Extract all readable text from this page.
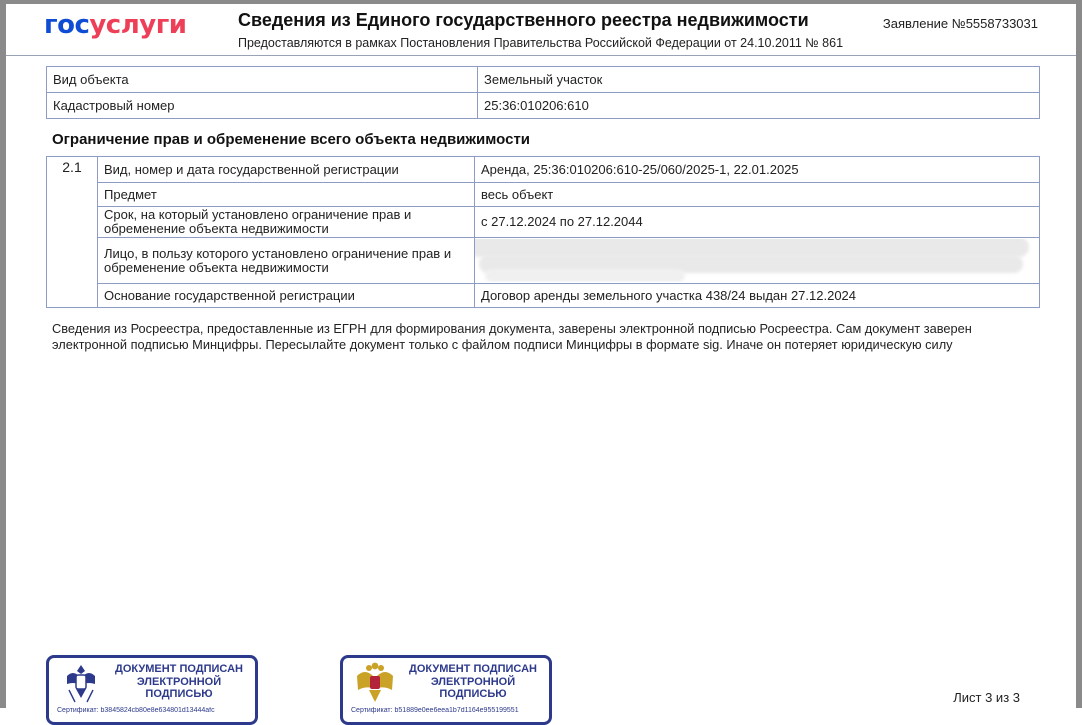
госуслуги	Сведения из Единого государственного реестра недвижимости
Предоставляются в рамках Постановления Правительства Российской Федерации от 24.10.2011 № 861
Заявление №5558733031
Вид объекта	Земельный участок
Кадастровый номер	25:36:010206:610
Ограничение прав и обременение всего объекта недвижимости
2.1	Вид, номер и дата государственной регистрации	Аренда, 25:36:010206:610-25/060/2025-1, 22.01.2025
	Предмет	весь объект
	Срок, на который установлено ограничение прав и обременение объекта недвижимости	с 27.12.2024 по 27.12.2044
	Лицо, в пользу которого установлено ограничение прав и обременение объекта недвижимости	

	Основание государственной регистрации	Договор аренды земельного участка 438/24 выдан 27.12.2024
Сведения из Росреестра, предоставленные из ЕГРН для формирования документа, заверены электронной подписью Росреестра. Сам документ заверен электронной подписью Минцифры. Пересылайте документ только с файлом подписи Минцифры в формате sig. Иначе он потеряет юридическую силу
ДОКУМЕНТ ПОДПИСАН
ЭЛЕКТРОННОЙ
ПОДПИСЬЮ
Сертификат: b3845824cb80e8e634801d13444afc
ДОКУМЕНТ ПОДПИСАН
ЭЛЕКТРОННОЙ
ПОДПИСЬЮ
Сертификат: b51889e0ee6eea1b7d1164e955199551
Лист 3 из 3
